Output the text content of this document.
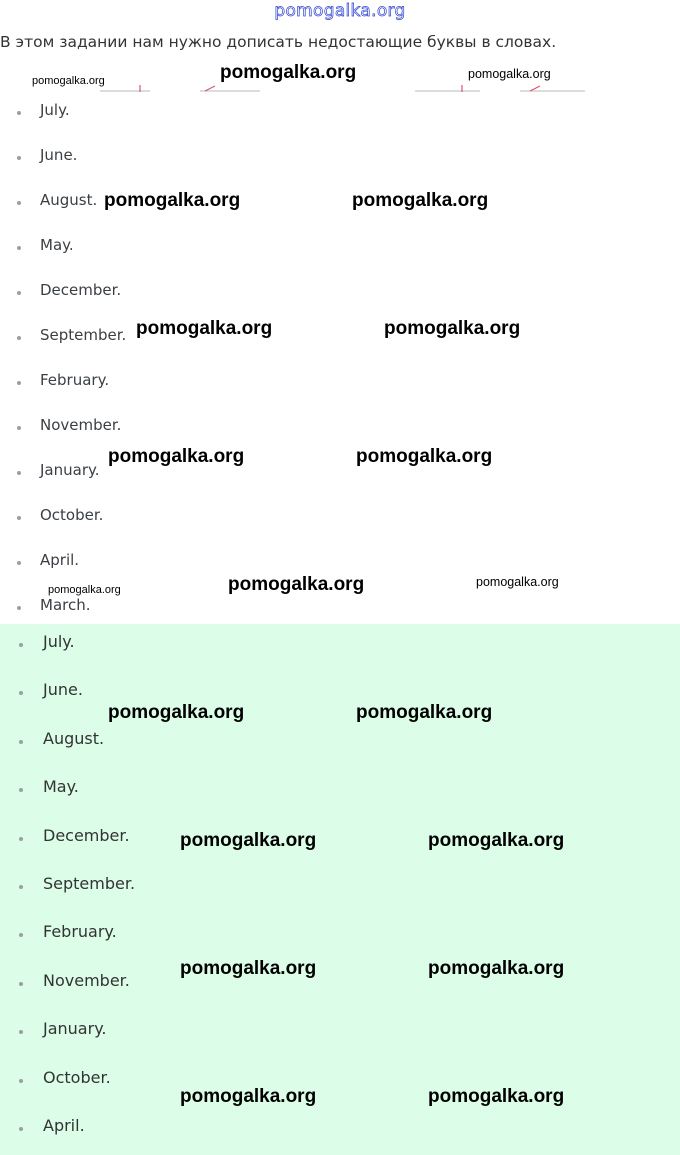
pomogalka.org
В этом задании нам нужно дописать недостающие буквы в словах.
July.
June.
August.
May.
December.
September.
February.
November.
January.
October.
April.
March.
July.
June.
August.
May.
December.
September.
February.
November.
January.
October.
April.
pomogalka.org	pomogalka.org	pomogalka.org
pomogalka.org	pomogalka.org
pomogalka.org	pomogalka.org
pomogalka.org	pomogalka.org
pomogalka.org	pomogalka.org	pomogalka.org
pomogalka.org	pomogalka.org
pomogalka.org	pomogalka.org
pomogalka.org	pomogalka.org
pomogalka.org	pomogalka.org
